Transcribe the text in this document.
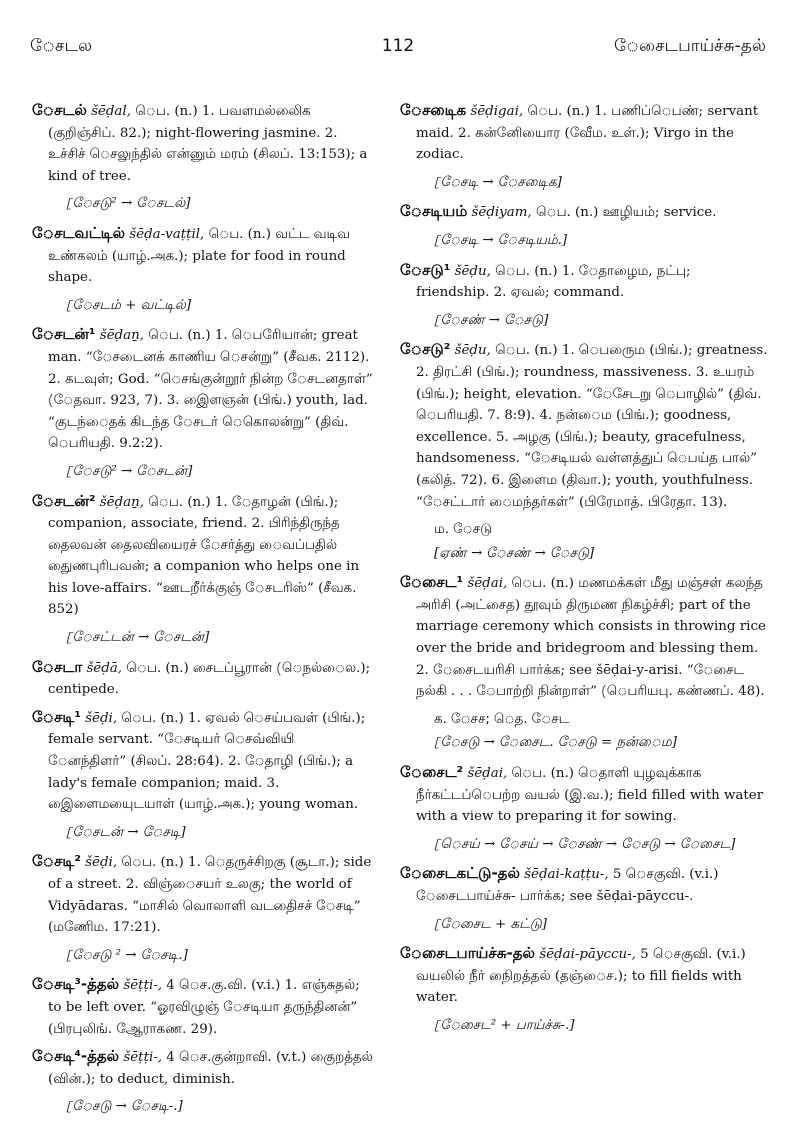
ேசடல	112	ேசைடபாய்ச்சு-தல்
ேசடல் šēḍal, ெப. (n.) 1. பவளமல்லிைக (குறிஞ்சிப். 82.); night-flowering jasmine. 2. உச்சிச் ெசலுந்தில் என்னும் மரம் (சிலப். 13:153); a kind of tree.
[ேசடு² → ேசடல்]
ேசடவட்டில் šēḍa-vaṭṭil, ெப. (n.) வட்ட வடிவ உண்கலம் (யாழ்.அக.); plate for food in round shape.
[ேசடம் + வட்டில்]
ேசடன்¹ šēḍaṉ, ெப. (n.) 1. ெபரிேயான்; great man. “ேசடைனக் காணிய ெசன்று” (சீவக. 2112). 2. கடவுள்; God. “ெசங்குன்றூர் நின்ற ேசடனதாள்” (ேதவா. 923, 7). 3. இைளஞன் (பிங்.) youth, lad. “குடந்ைதக் கிடந்த ேசடர் ெகாெலன்று” (திவ். ெபரியதி. 9.2:2).
[ேசடு² → ேசடன்]
ேசடன்² šēḍaṉ, ெப. (n.) 1. ேதாழன் (பிங்.); companion, associate, friend. 2. பிரிந்திருந்த தைலவன் தைலவியைரச் ேசர்த்து ைவப்பதில் துைணபுரிபவன்; a companion who helps one in his love-affairs. “ஊடறீர்க்குஞ் ேசடரிஸ்” (சீவக. 852)
[ேசட்டன் → ேசடன்]
ேசடா šēḍā, ெப. (n.) சைடப்பூரான் (ெநல்ைல.); centipede.
ேசடி¹ šēḍi, ெப. (n.) 1. ஏவல் ெசய்பவள் (பிங்.); female servant. “ேசடியர் ெசவ்வியி ேனந்திளர்” (சிலப். 28:64). 2. ேதாழி (பிங்.); a lady's female companion; maid. 3. இைளைமயுைடயாள் (யாழ்.அக.); young woman.
[ேசடன் → ேசடி]
ேசடி² šēḍi, ெப. (n.) 1. ெதருச்சிறகு (சூடா.); side of a street. 2. விஞ்ைசயர் உலகு; the world of Vidyādaras. “மாசில் வாெலாளி வடதிைசச் ேசடி” (மணிேம. 17:21).
[ேசடு ² → ேசடி.]
ேசடி³-த்தல் šēṭṭi-, 4 ெச.கு.வி. (v.i.) 1. எஞ்சுதல்; to be left over. “ஓரவிழுஞ் ேசடியா தருந்தினன்” (பிரபுலிங். ஆேராகண. 29).
ேசடி⁴-த்தல் šēṭṭi-, 4 ெச.குன்றாவி. (v.t.) குைறத்தல் (வின்.); to deduct, diminish.
[ேசடு → ேசடி-.]
ேசடிைக šēḍigai, ெப. (n.) 1. பணிப்ெபண்; servant maid. 2. கன்னிேயாைர (வீேம. உள்.); Virgo in the zodiac.
[ேசடி → ேசடிைக]
ேசடியம் šēḍiyam, ெப. (n.) ஊழியம்; service.
[ேசடி → ேசடியம்.]
ேசடு¹ šēḍu, ெப. (n.) 1. ேதாழைம, நட்பு; friendship. 2. ஏவல்; command.
[ேசண் → ேசடு]
ேசடு² šēḍu, ெப. (n.) 1. ெபருைம (பிங்.); greatness. 2. திரட்சி (பிங்.); roundness, massiveness. 3. உயரம் (பிங்.); height, elevation. “ேசேடறு ெபாழில்” (திவ். ெபரியதி. 7. 8:9). 4. நன்ைம (பிங்.); goodness, excellence. 5. அழகு (பிங்.); beauty, gracefulness, handsomeness. “ேசடியல் வள்ளத்துப் ெபய்த பால்” (கலித். 72). 6. இளைம (திவா.); youth, youthfulness. “ேசட்டார் ைமந்தர்கள்” (பிரேமாத். பிரேதா. 13).
ம. ேசடு
[ஏண் → ேசண் → ேசடு]
ேசைட¹ šēḍai, ெப. (n.) மணமக்கள் மீது மஞ்சள் கலந்த அரிசி (அட்சைத) தூவும் திருமண நிகழ்ச்சி; part of the marriage ceremony which consists in throwing rice over the bride and bridegroom and blessing them. 2. ேசைடயரிசி பார்க்க; see šēḍai-y-arisi. “ேசைட நல்கி . . . ேபாற்றி நின்றாள்” (ெபரியபு. கண்ணப். 48).
க. ேசச; ெத. ேசட
[ேசடு → ேசைட. ேசடு = நன்ைம]
ேசைட² šēḍai, ெப. (n.) ெதாளி யுழவுக்காக நீர்கட்டப்ெபற்ற வயல் (இ.வ.); field filled with water with a view to preparing it for sowing.
[ெசய் → ேசய் → ேசண் → ேசடு → ேசைட]
ேசைடகட்டு-தல் šēḍai-kaṭṭu-, 5 ெசகுவி. (v.i.) ேசைடபாய்ச்சு- பார்க்க; see šēḍai-pāyccu-.
[ேசைட + கட்டு]
ேசைடபாய்ச்சு-தல் šēḍai-pāyccu-, 5 ெசகுவி. (v.i.) வயலில் நீர் நிைறத்தல் (தஞ்ைச.); to fill fields with water.
[ேசைட² + பாய்ச்சு-.]
